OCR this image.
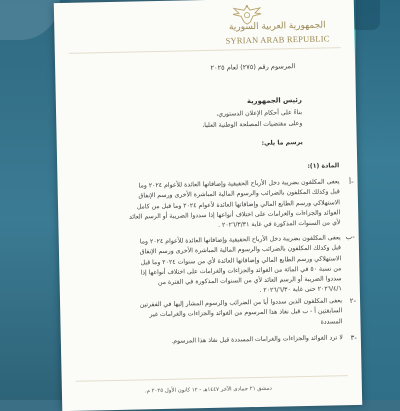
الجمهورية العربية السورية
SYRIAN ARAB REPUBLIC
المرسوم رقم (٢٧٥) لعام ٢٠٢٥
رئيس الجمهورية
بناءً على أحكام الإعلان الدستوري،
وعلى مقتضيات المصلحة الوطنية العليا،
يرسم ما يلي:
المادة (١):
أ-
يعفى المكلفون بضريبة دخل الأرباح الحقيقية وإضافاتها العائدة للأعوام ٢٠٢٤ وما
قبل وكذلك المكلفون بالضرائب والرسوم المالية المباشرة الأخرى ورسم الإنفاق
الاستهلاكي ورسم الطابع المالي وإضافاتها العائدة لأعوام ٢٠٢٤ وما قبل من كامل
الفوائد والجزاءات والغرامات على اختلاف أنواعها إذا سددوا الضريبة أو الرسم العائد
لأي من السنوات المذكورة في غاية ٢٠٢٦/٣/٣١ .
ب-
يعفى المكلفون بضريبة دخل الأرباح الحقيقية وإضافاتها العائدة للأعوام ٢٠٢٤ وما
قبل وكذلك المكلفون بالضرائب والرسوم المالية المباشرة الأخرى ورسم الإنفاق
الاستهلاكي ورسم الطابع المالي وإضافاتها العائدة لأي من سنوات ٢٠٢٤ وما قبل
من نسبة ٥٠ في المائة من الفوائد والجزاءات والغرامات على اختلاف أنواعها إذا
سددوا الضريبة أو الرسم العائد لأي من السنوات المذكورة في الفترة من
٢٠٢٦/٤/١ حتى غاية ٢٠٢٦/٦/٣٠ .
٢-
يعفى المكلفون الذين سددوا أيا من الضرائب والرسوم المشار إليها في الفقرتين
السابقتين أ - ب قبل نفاذ هذا المرسوم من الفوائد والجزاءات والغرامات غير
المسددة
٣-
لا ترد الفوائد والجزاءات والغرامات المسددة قبل نفاذ هذا المرسوم.
دمشق ٢١ جمادى الآخر ١٤٤٧هـ - ١٢ كانون الأول ٢٠٢٥ م.
